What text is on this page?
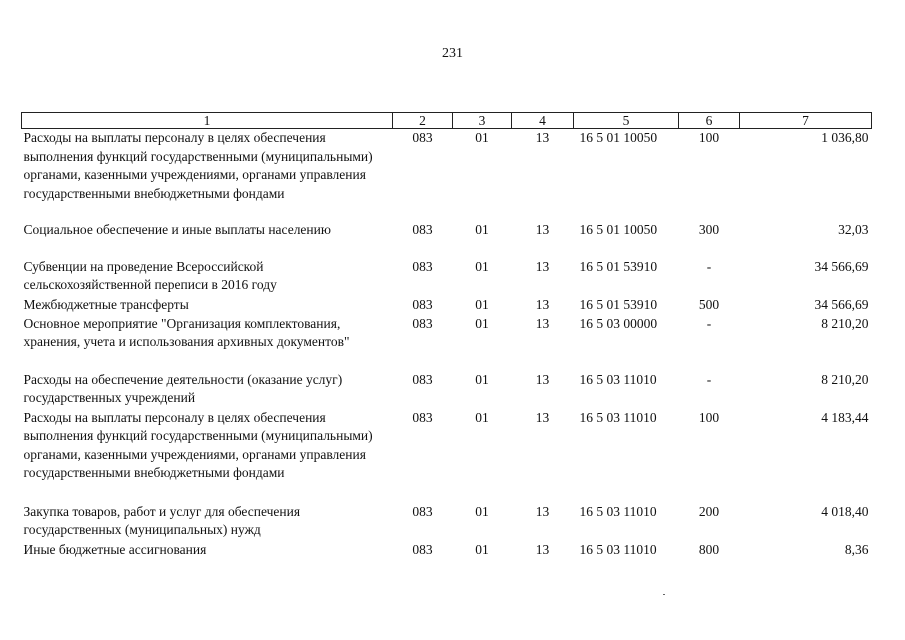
231
1	2	3	4	5	6	7
Расходы на выплаты персоналу в целях обеспечения выполнения функций государственными (муниципальными) органами, казенными учреждениями, органами управления государственными внебюджетными фондами	083	01	13	16 5 01 10050	100	1 036,80
Социальное обеспечение и иные выплаты населению	083	01	13	16 5 01 10050	300	32,03
Субвенции на проведение Всероссийской сельскохозяйственной переписи в 2016 году	083	01	13	16 5 01 53910	-	34 566,69
Межбюджетные трансферты	083	01	13	16 5 01 53910	500	34 566,69
Основное мероприятие "Организация комплектования, хранения, учета и использования архивных документов"	083	01	13	16 5 03 00000	-	8 210,20
Расходы на обеспечение деятельности (оказание услуг) государственных учреждений	083	01	13	16 5 03 11010	-	8 210,20
Расходы на выплаты персоналу в целях обеспечения выполнения функций государственными (муниципальными) органами, казенными учреждениями, органами управления государственными внебюджетными фондами	083	01	13	16 5 03 11010	100	4 183,44
Закупка товаров, работ и услуг для обеспечения государственных (муниципальных) нужд	083	01	13	16 5 03 11010	200	4 018,40
Иные бюджетные ассигнования	083	01	13	16 5 03 11010	800	8,36
